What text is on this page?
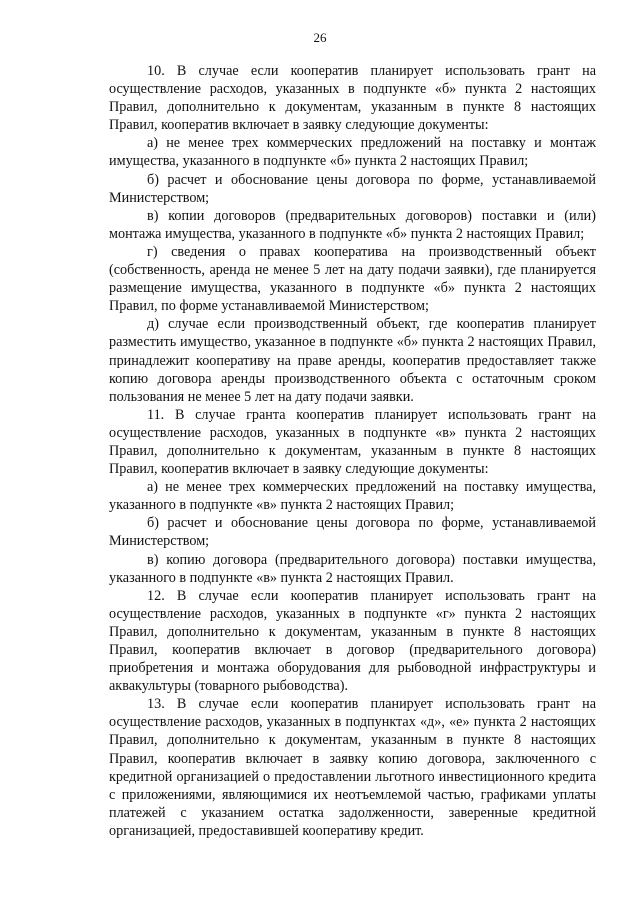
26

10. В случае если кооператив планирует использовать грант на осуществление расходов, указанных в подпункте «б» пункта 2 настоящих Правил, дополнительно к документам, указанным в пункте 8 настоящих Правил, кооператив включает в заявку следующие документы:

а) не менее трех коммерческих предложений на поставку и монтаж имущества, указанного в подпункте «б» пункта 2 настоящих Правил;

б) расчет и обоснование цены договора по форме, устанавливаемой Министерством;

в) копии договоров (предварительных договоров) поставки и (или) монтажа имущества, указанного в подпункте «б» пункта 2 настоящих Правил;

г) сведения о правах кооператива на производственный объект (собственность, аренда не менее 5 лет на дату подачи заявки), где планируется размещение имущества, указанного в подпункте «б» пункта 2 настоящих Правил, по форме устанавливаемой Министерством;

д) случае если производственный объект, где кооператив планирует разместить имущество, указанное в подпункте «б» пункта 2 настоящих Правил, принадлежит кооперативу на праве аренды, кооператив предоставляет также копию договора аренды производственного объекта с остаточным сроком пользования не менее 5 лет на дату подачи заявки.

11. В случае гранта кооператив планирует использовать грант на осуществление расходов, указанных в подпункте «в» пункта 2 настоящих Правил, дополнительно к документам, указанным в пункте 8 настоящих Правил, кооператив включает в заявку следующие документы:

а) не менее трех коммерческих предложений на поставку имущества, указанного в подпункте «в» пункта 2 настоящих Правил;

б) расчет и обоснование цены договора по форме, устанавливаемой Министерством;

в) копию договора (предварительного договора) поставки имущества, указанного в подпункте «в» пункта 2 настоящих Правил.

12. В случае если кооператив планирует использовать грант на осуществление расходов, указанных в подпункте «г» пункта 2 настоящих Правил, дополнительно к документам, указанным в пункте 8 настоящих Правил, кооператив включает в договор (предварительного договора) приобретения и монтажа оборудования для рыбоводной инфраструктуры и аквакультуры (товарного рыбоводства).

13. В случае если кооператив планирует использовать грант на осуществление расходов, указанных в подпунктах «д», «е» пункта 2 настоящих Правил, дополнительно к документам, указанным в пункте 8 настоящих Правил, кооператив включает в заявку копию договора, заключенного с кредитной организацией о предоставлении льготного инвестиционного кредита с приложениями, являющимися их неотъемлемой частью, графиками уплаты платежей с указанием остатка задолженности, заверенные кредитной организацией, предоставившей кооперативу кредит.
